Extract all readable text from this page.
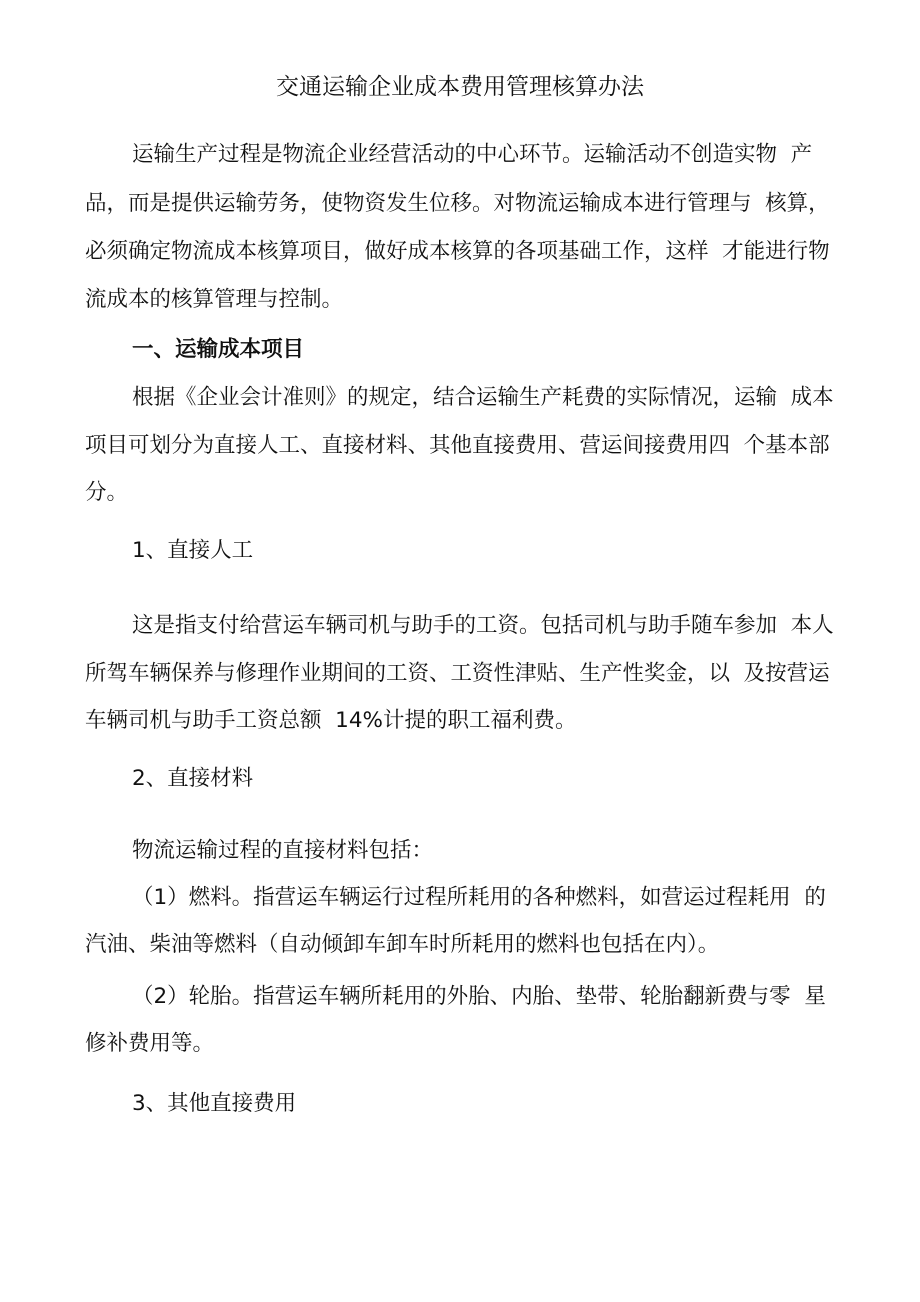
交通运输企业成本费用管理核算办法
运输生产过程是物流企业经营活动的中心环节。运输活动不创造实物  产
品，而是提供运输劳务，使物资发生位移。对物流运输成本进行管理与  核算，
必须确定物流成本核算项目，做好成本核算的各项基础工作，这样  才能进行物
流成本的核算管理与控制。
一、运输成本项目
根据《企业会计准则》的规定，结合运输生产耗费的实际情况，运输  成本
项目可划分为直接人工、直接材料、其他直接费用、营运间接费用四  个基本部
分。
1、直接人工
这是指支付给营运车辆司机与助手的工资。包括司机与助手随车参加  本人
所驾车辆保养与修理作业期间的工资、工资性津贴、生产性奖金，以  及按营运
车辆司机与助手工资总额  14%计提的职工福利费。
2、直接材料
物流运输过程的直接材料包括：
（1）燃料。指营运车辆运行过程所耗用的各种燃料，如营运过程耗用  的
汽油、柴油等燃料（自动倾卸车卸车时所耗用的燃料也包括在内）。
（2）轮胎。指营运车辆所耗用的外胎、内胎、垫带、轮胎翻新费与零  星
修补费用等。
3、其他直接费用
